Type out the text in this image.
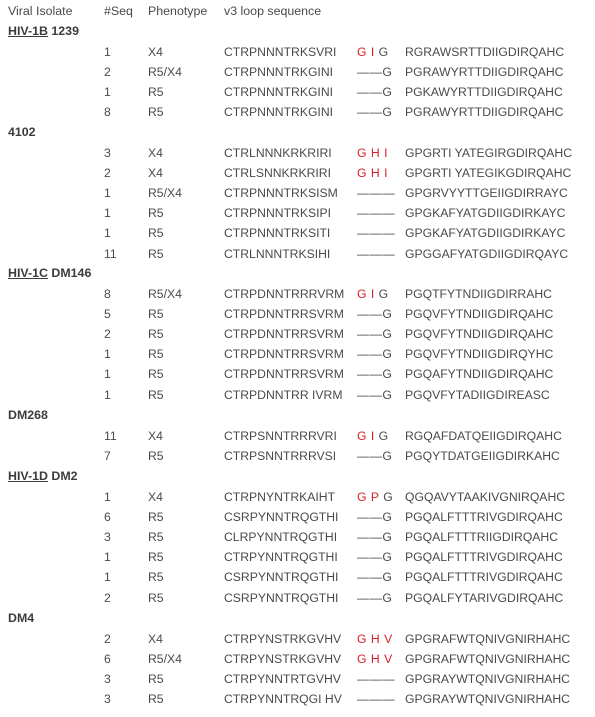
Viral Isolate	#Seq Phenotype v3 loop sequence
HIV-1B 1239
1	X4	CTRPNNNTRKSVRI G I G RGRAWSRTTDIIGDIRQAHC
2	R5/X4	CTRPNNNTRKGINI ——G PGRAWYRTTDIIGDIRQAHC
1	R5	CTRPNNNTRKGINI ——G PGKAWYRTTDIIGDIRQAHC
8	R5	CTRPNNNTRKGINI ——G PGRAWYRTTDIIGDIRQAHC
4102
3	X4	CTRLNNNKRKRIRI G H I GPGRTI YATEGIRGDIRQAHC
2	X4	CTRLSNNKRKRIRI G H I GPGRTI YATEGIKGDIRQAHC
1	R5/X4	CTRPNNNTRKSISM ——— GPGRVYYTTGEIIGDIRRAYC
1	R5	CTRPNNNTRKSIPI ——— GPGKAFYATGDIIGDIRKAYC
1	R5	CTRPNNNTRKSITI ——— GPGKAFYATGDIIGDIRKAYC
11	R5	CTRLNNNTRKSIHI ——— GPGGAFYATGDIIGDIRQAYC
HIV-1C DM146
8	R5/X4	CTRPDNNTRRRVRM G I G PGQTFYTNDIIGDIRRAHC
5	R5	CTRPDNNTRRSVRM ——G PGQVFYTNDIIGDIRQAHC
2	R5	CTRPDNNTRRSVRM ——G PGQVFYTNDIIGDIRQAHC
1	R5	CTRPDNNTRRSVRM ——G PGQVFYTNDIIGDIRQYHC
1	R5	CTRPDNNTRRSVRM ——G PGQAFYTNDIIGDIRQAHC
1	R5	CTRPDNNTRR IVRM ——G PGQVFYTADIIGDIREASC
DM268
11	X4	CTRPSNNTRRRVRI G I G RGQAFDATQEIIGDIRQAHC
7	R5	CTRPSNNTRRRVSI ——G PGQYTDATGEIIGDIRKAHC
HIV-1D DM2
1	X4	CTRPNYNTRKAIHT G P G QGQAVYTAAKIVGNIRQAHC
6	R5	CSRPYNNTRQGTHI ——G PGQALFTTTRIVGDIRQAHC
3	R5	CLRPYNNTRQGTHI ——G PGQALFTTTRIIGDIRQAHC
1	R5	CTRPYNNTRQGTHI ——G PGQALFTTTRIVGDIRQAHC
1	R5	CSRPYNNTRQGTHI ——G PGQALFTTTRIVGDIRQAHC
2	R5	CSRPYNNTRQGTHI ——G PGQALFYTARIVGDIRQAHC
DM4
2	X4	CTRPYNSTRKGVHV G H V GPGRAFWTQNIVGNIRHAHC
6	R5/X4	CTRPYNSTRKGVHV G H V GPGRAFWTQNIVGNIRHAHC
3	R5	CTRPYNNTRTGVHV ——— GPGRAYWTQNIVGNIRHAHC
3	R5	CTRPYNNTRQGI HV ——— GPGRAYWTQNIVGNIRHAHC
